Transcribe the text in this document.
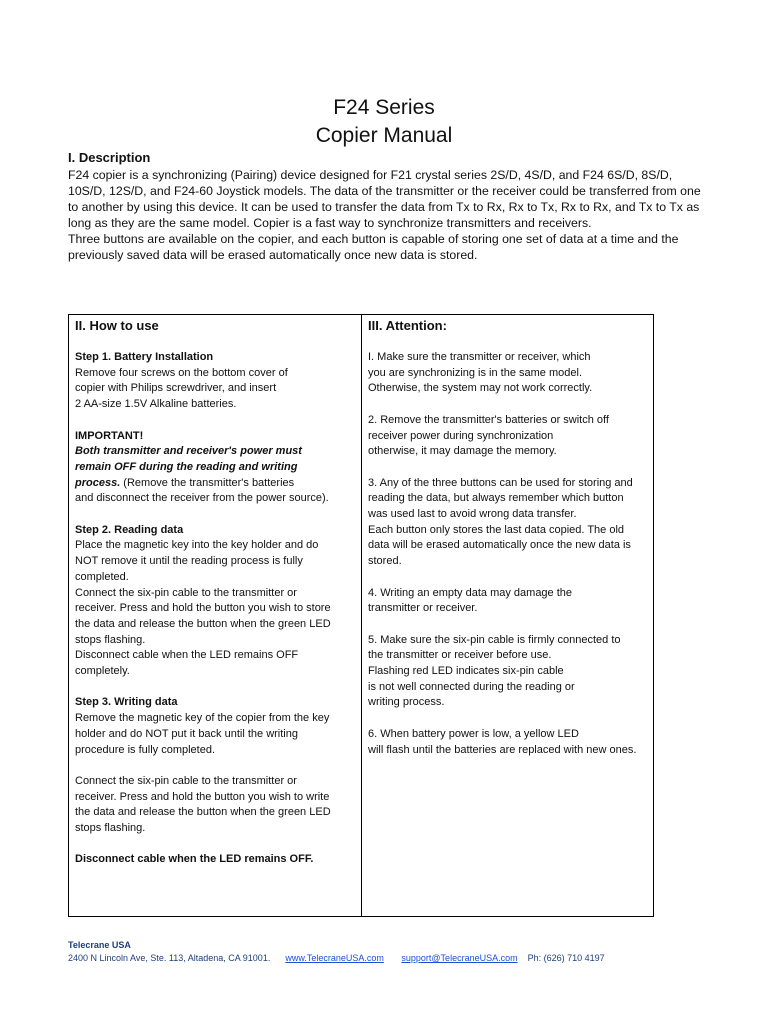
F24 Series
Copier Manual
I. Description

F24 copier is a synchronizing (Pairing) device designed for F21 crystal series 2S/D, 4S/D, and F24 6S/D, 8S/D, 10S/D, 12S/D, and F24-60 Joystick models. The data of the transmitter or the receiver could be transferred from one to another by using this device. It can be used to transfer the data from Tx to Rx, Rx to Tx, Rx to Rx, and Tx to Tx as long as they are the same model. Copier is a fast way to synchronize transmitters and receivers.

Three buttons are available on the copier, and each button is capable of storing one set of data at a time and the previously saved data will be erased automatically once new data is stored.

II. How to use
Step 1. Battery Installation
Remove four screws on the bottom cover of
copier with Philips screwdriver, and insert
2 AA-size 1.5V Alkaline batteries.
IMPORTANT!
Both transmitter and receiver's power must
remain OFF during the reading and writing
process. (Remove the transmitter's batteries
and disconnect the receiver from the power source).
Step 2. Reading data
Place the magnetic key into the key holder and do
NOT remove it until the reading process is fully
completed.
Connect the six-pin cable to the transmitter or
receiver. Press and hold the button you wish to store
the data and release the button when the green LED
stops flashing.
Disconnect cable when the LED remains OFF
completely.
Step 3. Writing data
Remove the magnetic key of the copier from the key
holder and do NOT put it back until the writing
procedure is fully completed.
Connect the six-pin cable to the transmitter or
receiver. Press and hold the button you wish to write
the data and release the button when the green LED
stops flashing.
Disconnect cable when the LED remains OFF.
III. Attention:
I. Make sure the transmitter or receiver, which
you are synchronizing is in the same model.
Otherwise, the system may not work correctly.
2. Remove the transmitter's batteries or switch off
receiver power during synchronization
otherwise, it may damage the memory.
3. Any of the three buttons can be used for storing and
reading the data, but always remember which button
was used last to avoid wrong data transfer.
Each button only stores the last data copied. The old
data will be erased automatically once the new data is
stored.
4. Writing an empty data may damage the
transmitter or receiver.
5. Make sure the six-pin cable is firmly connected to
the transmitter or receiver before use.
Flashing red LED indicates six-pin cable
is not well connected during the reading or
writing process.
6. When battery power is low, a yellow LED
will flash until the batteries are replaced with new ones.
Telecrane USA
2400 N Lincoln Ave, Ste. 113, Altadena, CA 91001. www.TelecraneUSA.com support@TelecraneUSA.com Ph: (626) 710 4197
